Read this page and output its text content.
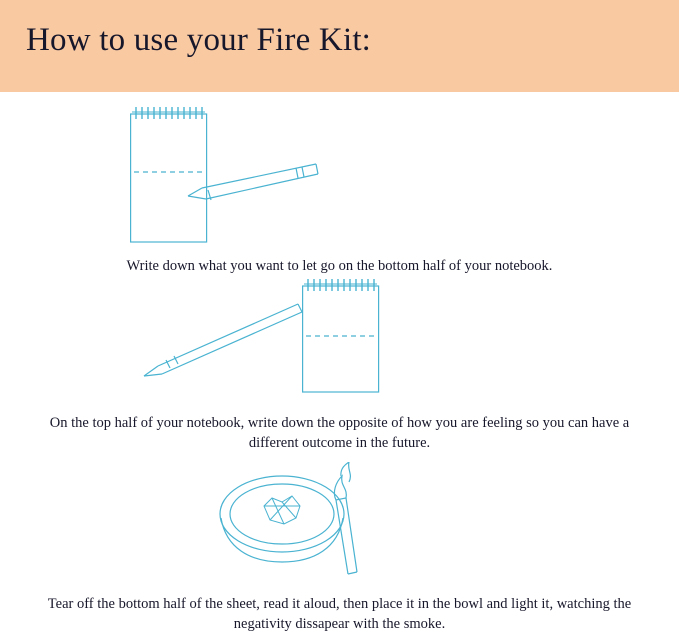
How to use your Fire Kit:
Write down what you want to let go on the bottom half of your notebook.
On the top half of your notebook, write down the opposite of how you are feeling so you can have a different outcome in the future.
Tear off the bottom half of the sheet, read it aloud, then place it in the bowl and light it, watching the negativity dissapear with the smoke.
